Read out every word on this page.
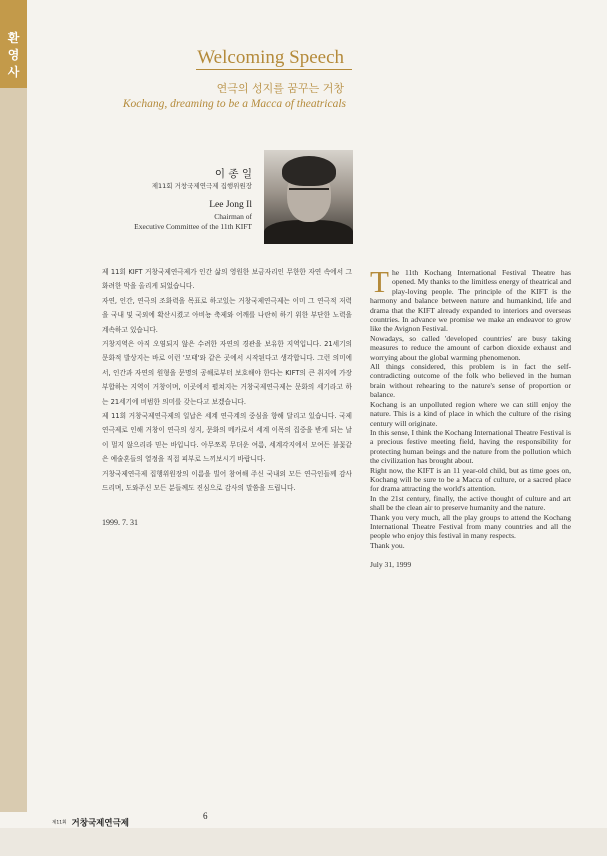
환
영
사
Welcoming Speech
연극의 성지를 꿈꾸는 거창
Kochang, dreaming to be a Macca of theatricals
이 종 일
제11회 거창국제연극제 집행위원장
Lee Jong Il
Chairman of
Executive Committee of the 11th KIFT

제 11회 KIFT 거창국제연극제가 인간 삶의 영원한 보금자리인 무한한 자연 속에서 그 화려한 막을 올리게 되었습니다.

자연, 인간, 연극의 조화력을 목표로 하고있는 거창국제연극제는 이미 그 연극적 저력을 국내 및 국외에 확산시켰고 아비뇽 축제와 어깨를 나란히 하기 위한 부단한 노력을 계속하고 있습니다.

거창지역은 아직 오염되지 않은 수려한 자연의 경관을 보유한 지역입니다. 21세기의 문화적 발상지는 바로 이런 '모태'와 같은 곳에서 시작된다고 생각합니다. 그런 의미에서, 인간과 자연의 원형을 문명의 공해로부터 보호해야 한다는 KIFT의 큰 취지에 가장 부합하는 지역이 거창이며, 이곳에서 펼쳐지는 거창국제연극제는 문화의 세기라고 하는 21세기에 비범한 의미를 갖는다고 보겠습니다.

제 11회 거창국제연극제의 일납은 세계 연극계의 중심을 향해 달리고 있습니다. 국제 연극제로 인해 거창이 연극의 성지, 문화의 메카로서 세계 이목의 집중을 받게 되는 날이 멀지 않으리라 믿는 바입니다. 아무쪼록 무더운 여름, 세계각지에서 모여든 불꽃같은 예술혼들의 열정을 직접 피부로 느끼보시기 바랍니다.

거창국제연극제 집행위원장의 이름을 빌어 참여해 주신 국내외 모든 연극인들께 감사드리며, 도와주신 모든 분들께도 진심으로 감사의 말씀을 드립니다.

1999. 7. 31

The 11th Kochang International Festival Theatre has opened. My thanks to the limitless energy of theatrical and play-loving people. The principle of the KIFT is the harmony and balance between nature and humankind, life and drama that the KIFT already expanded to interiors and overseas countries. In advance we promise we make an endeavor to grow like the Avignon Festival.

Nowadays, so called 'developed countries' are busy taking measures to reduce the amount of carbon dioxide exhaust and worrying about the global warming phenomenon.

All things considered, this problem is in fact the self-contradicting outcome of the folk who believed in the human brain without rehearing to the nature's sense of proportion or balance.

Kochang is an unpolluted region where we can still enjoy the nature. This is a kind of place in which the culture of the rising century will originate.

In this sense, I think the Kochang International Theatre Festival is a precious festive meeting field, having the responsibility for protecting human beings and the nature from the pollution which the civilization has brought about.

Right now, the KIFT is an 11 year-old child, but as time goes on, Kochang will be sure to be a Macca of culture, or a sacred place for drama attracting the world's attention.

In the 21st century, finally, the active thought of culture and art shall be the clean air to preserve humanity and the nature.

Thank you very much, all the play groups to attend the Kochang International Theatre Festival from many countries and all the people who enjoy this festival in many respects.

Thank you.

July 31, 1999

제11회 거창국제연극제
6
